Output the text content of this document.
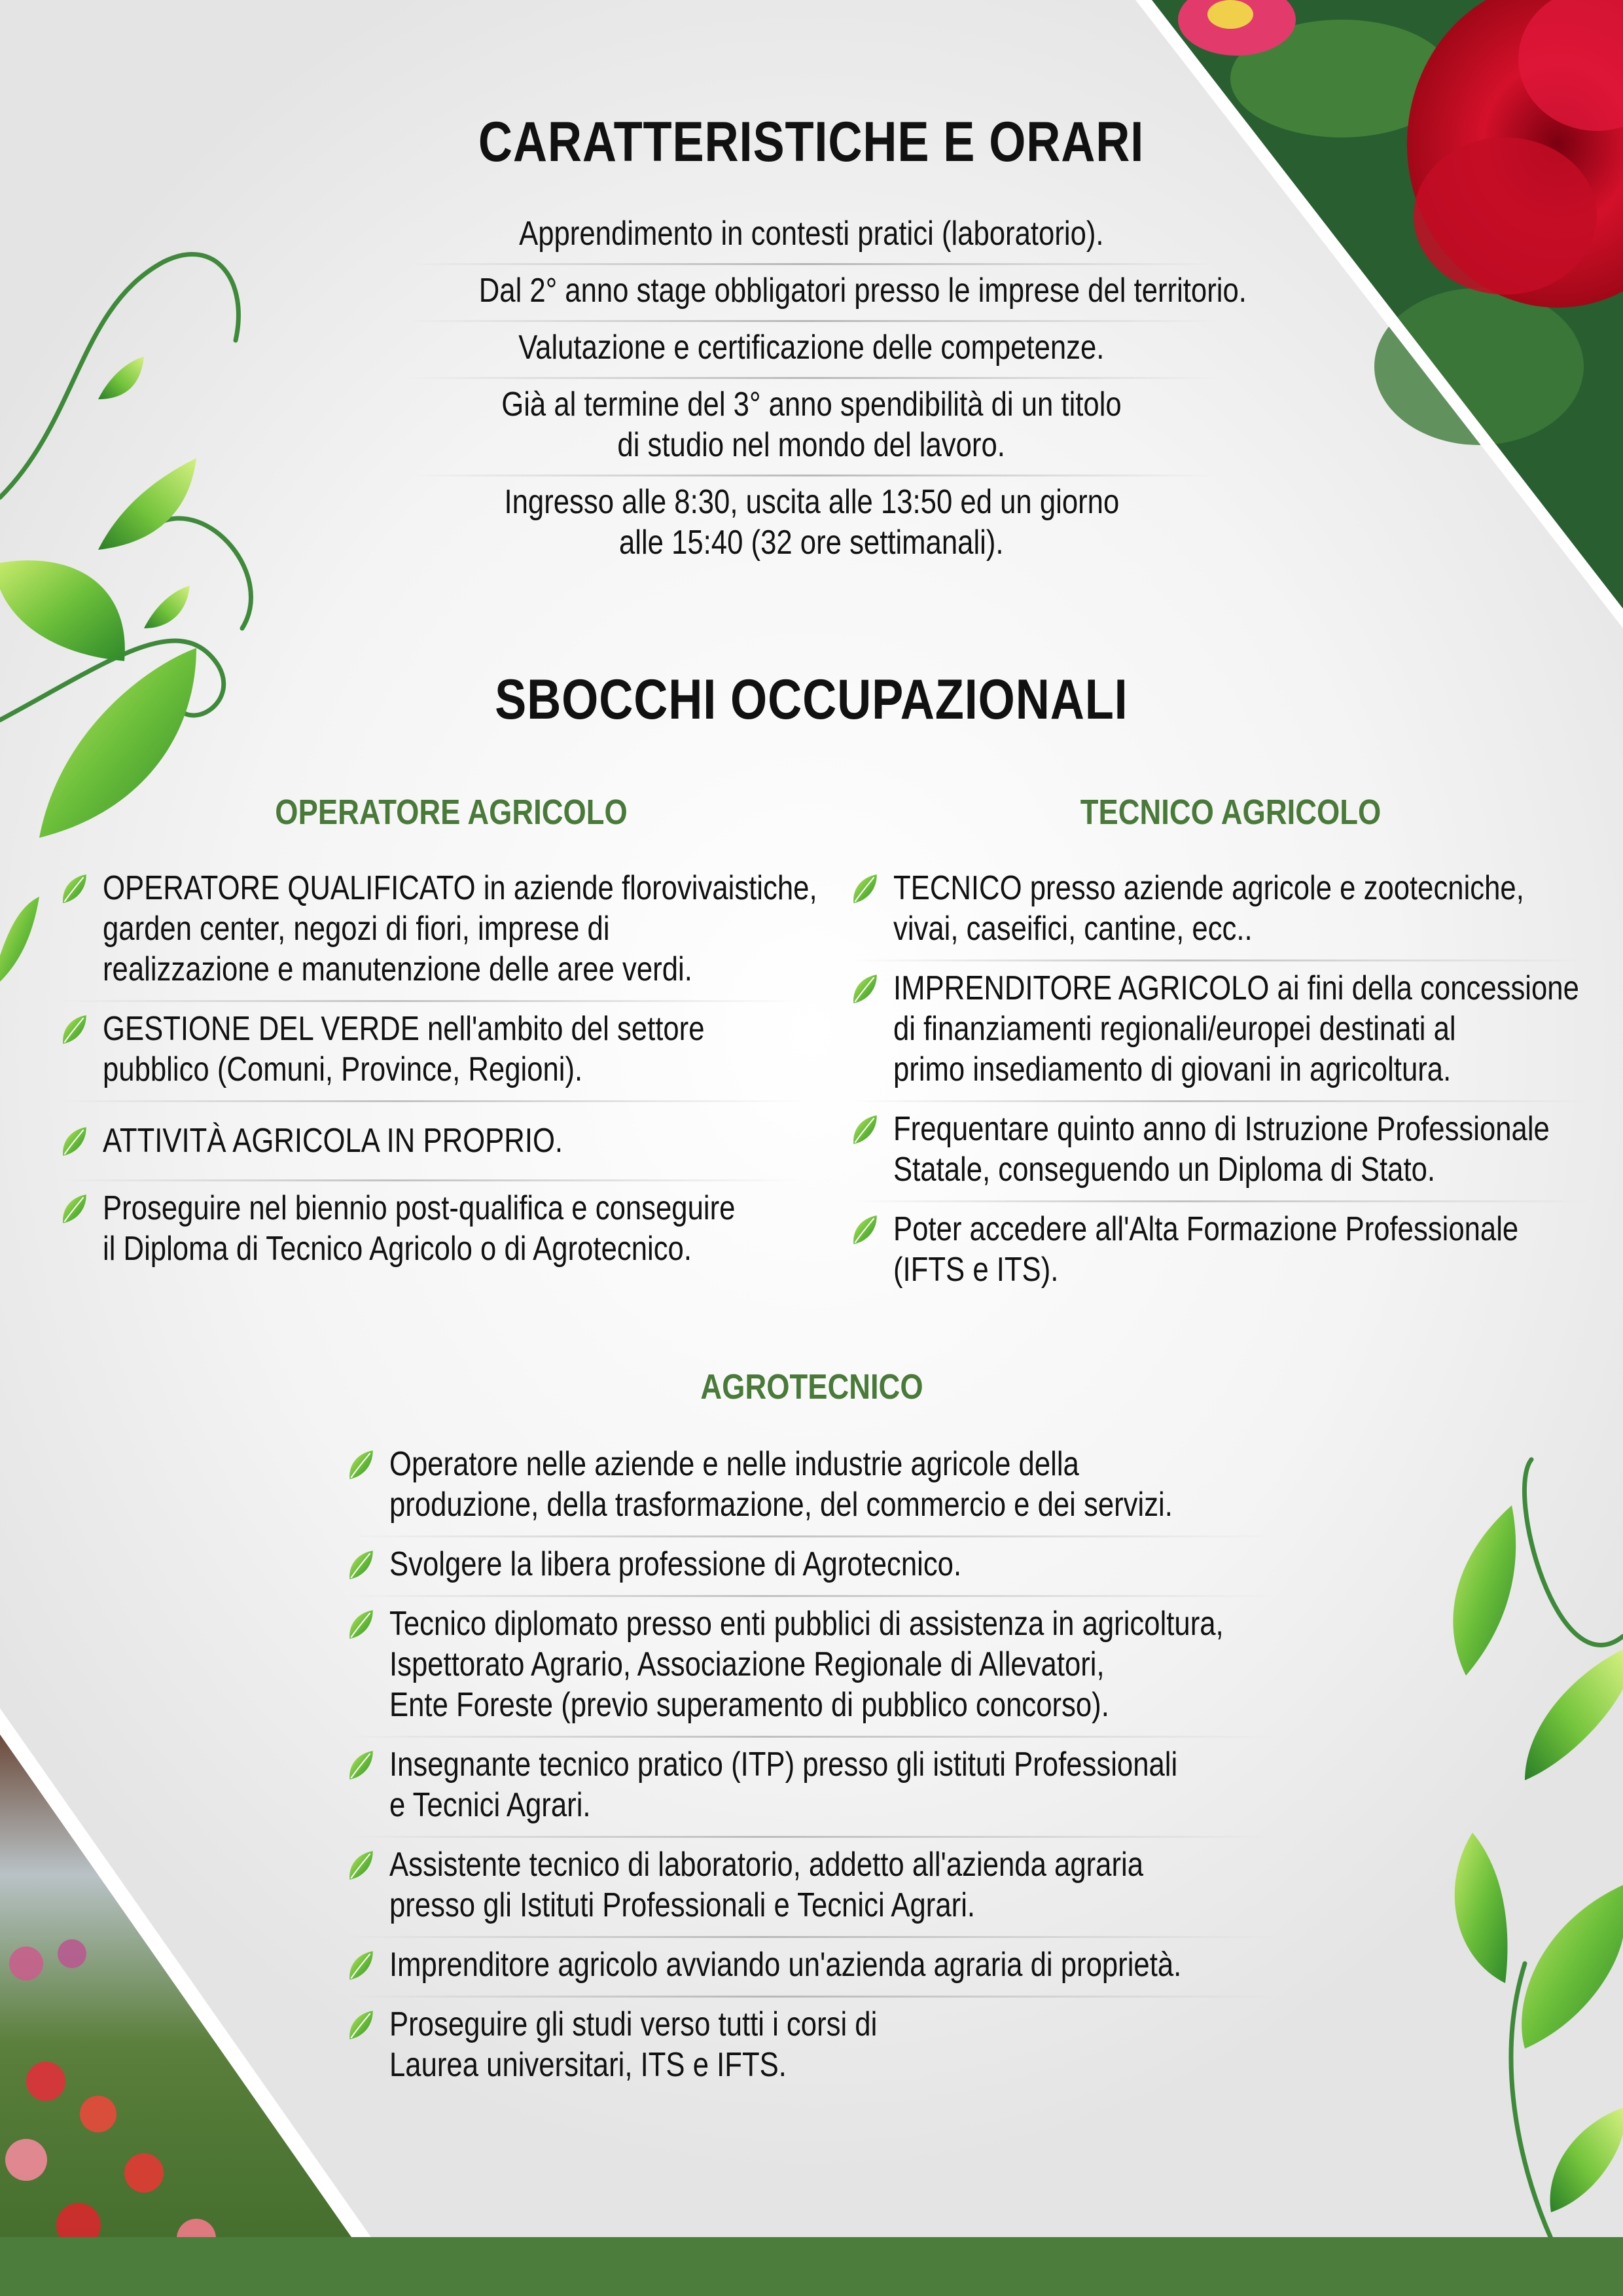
CARATTERISTICHE E ORARI
Apprendimento in contesti pratici (laboratorio).
Dal 2° anno stage obbligatori presso le imprese del territorio.
Valutazione e certificazione delle competenze.
Già al termine del 3° anno spendibilità di un titolo
di studio nel mondo del lavoro.
Ingresso alle 8:30, uscita alle 13:50 ed un giorno
alle 15:40 (32 ore settimanali).
SBOCCHI OCCUPAZIONALI
OPERATORE AGRICOLO
OPERATORE QUALIFICATO in aziende florovivaistiche,
garden center, negozi di fiori, imprese di
realizzazione e manutenzione delle aree verdi.
GESTIONE DEL VERDE nell'ambito del settore
pubblico (Comuni, Province, Regioni).
ATTIVITÀ AGRICOLA IN PROPRIO.
Proseguire nel biennio post-qualifica e conseguire
il Diploma di Tecnico Agricolo o di Agrotecnico.
TECNICO AGRICOLO
TECNICO presso aziende agricole e zootecniche,
vivai, caseifici, cantine, ecc..
IMPRENDITORE AGRICOLO ai fini della concessione
di finanziamenti regionali/europei destinati al
primo insediamento di giovani in agricoltura.
Frequentare quinto anno di Istruzione Professionale
Statale, conseguendo un Diploma di Stato.
Poter accedere all'Alta Formazione Professionale
(IFTS e ITS).
AGROTECNICO
Operatore nelle aziende e nelle industrie agricole della
produzione, della trasformazione, del commercio e dei servizi.
Svolgere la libera professione di Agrotecnico.
Tecnico diplomato presso enti pubblici di assistenza in agricoltura,
Ispettorato Agrario, Associazione Regionale di Allevatori,
Ente Foreste (previo superamento di pubblico concorso).
Insegnante tecnico pratico (ITP) presso gli istituti Professionali
e Tecnici Agrari.
Assistente tecnico di laboratorio, addetto all'azienda agraria
presso gli Istituti Professionali e Tecnici Agrari.
Imprenditore agricolo avviando un'azienda agraria di proprietà.
Proseguire gli studi verso tutti i corsi di
Laurea universitari, ITS e IFTS.
